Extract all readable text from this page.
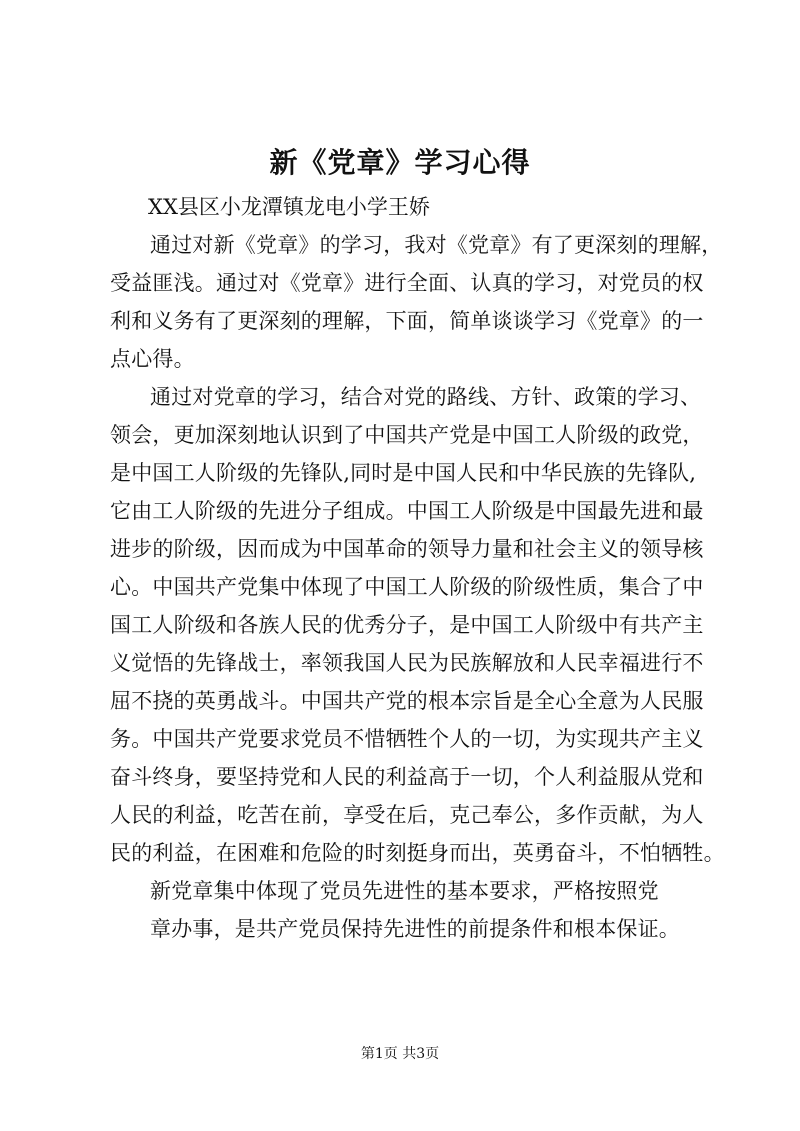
新《党章》学习心得
XX县区小龙潭镇龙电小学王娇
通过对新《党章》的学习，我对《党章》有了更深刻的理解，
受益匪浅。通过对《党章》进行全面、认真的学习，对党员的权
利和义务有了更深刻的理解，下面，简单谈谈学习《党章》的一
点心得。
通过对党章的学习，结合对党的路线、方针、政策的学习、
领会，更加深刻地认识到了中国共产党是中国工人阶级的政党，
是中国工人阶级的先锋队,同时是中国人民和中华民族的先锋队,
它由工人阶级的先进分子组成。中国工人阶级是中国最先进和最
进步的阶级，因而成为中国革命的领导力量和社会主义的领导核
心。中国共产党集中体现了中国工人阶级的阶级性质，集合了中
国工人阶级和各族人民的优秀分子，是中国工人阶级中有共产主
义觉悟的先锋战士，率领我国人民为民族解放和人民幸福进行不
屈不挠的英勇战斗。中国共产党的根本宗旨是全心全意为人民服
务。中国共产党要求党员不惜牺牲个人的一切，为实现共产主义
奋斗终身，要坚持党和人民的利益高于一切，个人利益服从党和
人民的利益，吃苦在前，享受在后，克己奉公，多作贡献，为人
民的利益，在困难和危险的时刻挺身而出，英勇奋斗，不怕牺牲。
新党章集中体现了党员先进性的基本要求，严格按照党
章办事，是共产党员保持先进性的前提条件和根本保证。
第1页 共3页
